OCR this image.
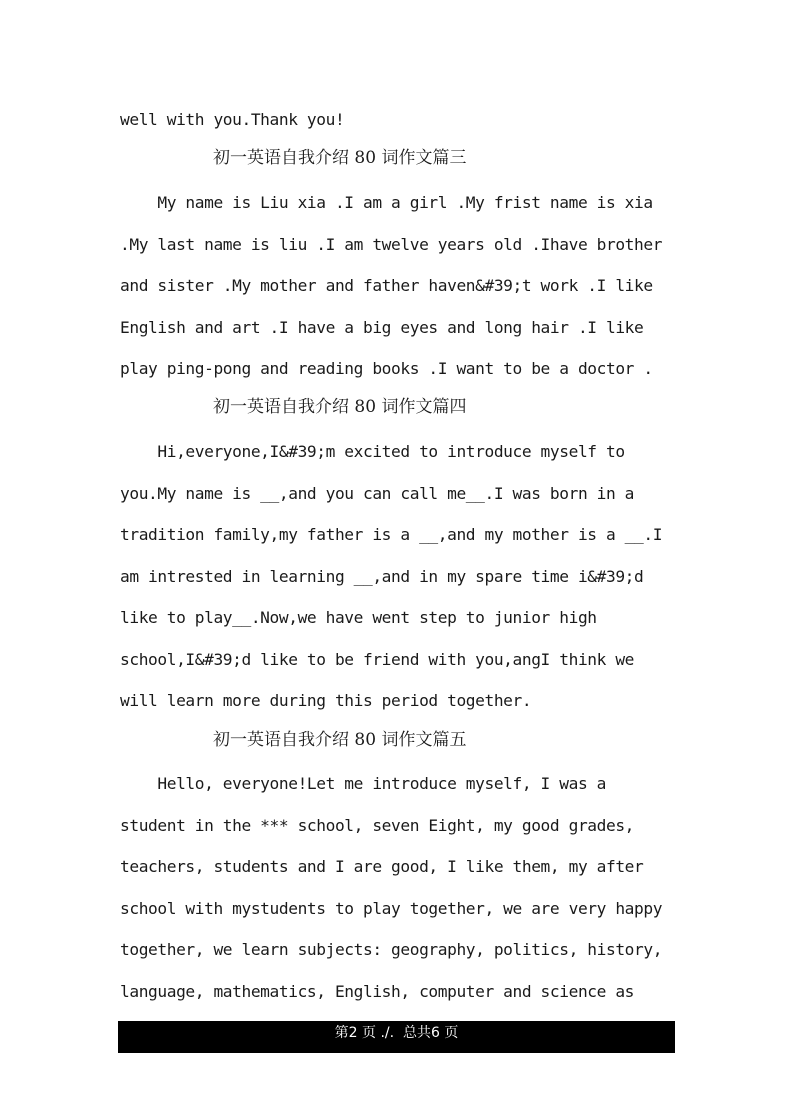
well with you.Thank you!
初一英语自我介绍 80 词作文篇三
My name is Liu xia .I am a girl .My frist name is xia
.My last name is liu .I am twelve years old .Ihave brother
and sister .My mother and father haven&#39;t work .I like
English and art .I have a big eyes and long hair .I like
play ping-pong and reading books .I want to be a doctor .
初一英语自我介绍 80 词作文篇四
Hi,everyone,I&#39;m excited to introduce myself to
you.My name is __,and you can call me__.I was born in a
tradition family,my father is a __,and my mother is a __.I
am intrested in learning __,and in my spare time i&#39;d
like to play__.Now,we have went step to junior high
school,I&#39;d like to be friend with you,angI think we
will learn more during this period together.
初一英语自我介绍 80 词作文篇五
Hello, everyone!Let me introduce myself, I was a
student in the *** school, seven Eight, my good grades,
teachers, students and I are good, I like them, my after
school with mystudents to play together, we are very happy
together, we learn subjects: geography, politics, history,
language, mathematics, English, computer and science as
第2 页 ./.  总共6 页
